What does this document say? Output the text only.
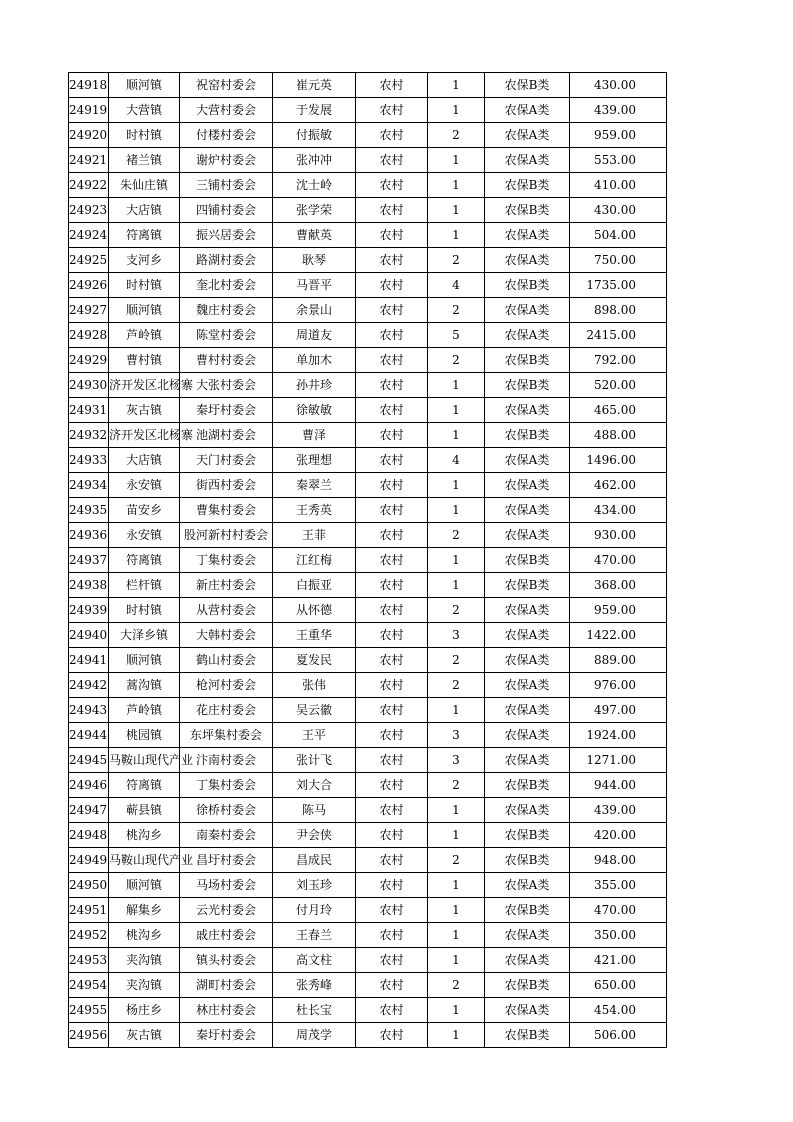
24918	顺河镇	祝窑村委会	崔元英	农村	1	农保B类	430.00
24919	大营镇	大营村委会	于发展	农村	1	农保A类	439.00
24920	时村镇	付楼村委会	付振敏	农村	2	农保A类	959.00
24921	褚兰镇	谢炉村委会	张冲冲	农村	1	农保A类	553.00
24922	朱仙庄镇	三铺村委会	沈士岭	农村	1	农保B类	410.00
24923	大店镇	四铺村委会	张学荣	农村	1	农保B类	430.00
24924	符离镇	振兴居委会	曹献英	农村	1	农保A类	504.00
24925	支河乡	路湖村委会	耿琴	农村	2	农保A类	750.00
24926	时村镇	奎北村委会	马晋平	农村	4	农保B类	1735.00
24927	顺河镇	魏庄村委会	余景山	农村	2	农保A类	898.00
24928	芦岭镇	陈堂村委会	周道友	农村	5	农保A类	2415.00
24929	曹村镇	曹村村委会	单加木	农村	2	农保B类	792.00
24930	济开发区北杨寨	大张村委会	孙井珍	农村	1	农保B类	520.00
24931	灰古镇	秦圩村委会	徐敏敏	农村	1	农保A类	465.00
24932	济开发区北杨寨	池湖村委会	曹泽	农村	1	农保B类	488.00
24933	大店镇	天门村委会	张理想	农村	4	农保A类	1496.00
24934	永安镇	街西村委会	秦翠兰	农村	1	农保A类	462.00
24935	苗安乡	曹集村委会	王秀英	农村	1	农保A类	434.00
24936	永安镇	股河新村村委会	王菲	农村	2	农保A类	930.00
24937	符离镇	丁集村委会	江红梅	农村	1	农保B类	470.00
24938	栏杆镇	新庄村委会	白振亚	农村	1	农保B类	368.00
24939	时村镇	从营村委会	从怀德	农村	2	农保A类	959.00
24940	大泽乡镇	大韩村委会	王重华	农村	3	农保A类	1422.00
24941	顺河镇	鹤山村委会	夏发民	农村	2	农保A类	889.00
24942	蒿沟镇	枪河村委会	张伟	农村	2	农保A类	976.00
24943	芦岭镇	花庄村委会	吴云徽	农村	1	农保A类	497.00
24944	桃园镇	东坪集村委会	王平	农村	3	农保A类	1924.00
24945	马鞍山现代产业	汴南村委会	张计飞	农村	3	农保A类	1271.00
24946	符离镇	丁集村委会	刘大合	农村	2	农保B类	944.00
24947	蕲县镇	徐桥村委会	陈马	农村	1	农保A类	439.00
24948	桃沟乡	南秦村委会	尹会侠	农村	1	农保B类	420.00
24949	马鞍山现代产业	昌圩村委会	昌成民	农村	2	农保B类	948.00
24950	顺河镇	马场村委会	刘玉珍	农村	1	农保A类	355.00
24951	解集乡	云光村委会	付月玲	农村	1	农保B类	470.00
24952	桃沟乡	戚庄村委会	王春兰	农村	1	农保A类	350.00
24953	夹沟镇	镇头村委会	高文柱	农村	1	农保A类	421.00
24954	夹沟镇	湖町村委会	张秀峰	农村	2	农保B类	650.00
24955	杨庄乡	林庄村委会	杜长宝	农村	1	农保A类	454.00
24956	灰古镇	秦圩村委会	周茂学	农村	1	农保B类	506.00
